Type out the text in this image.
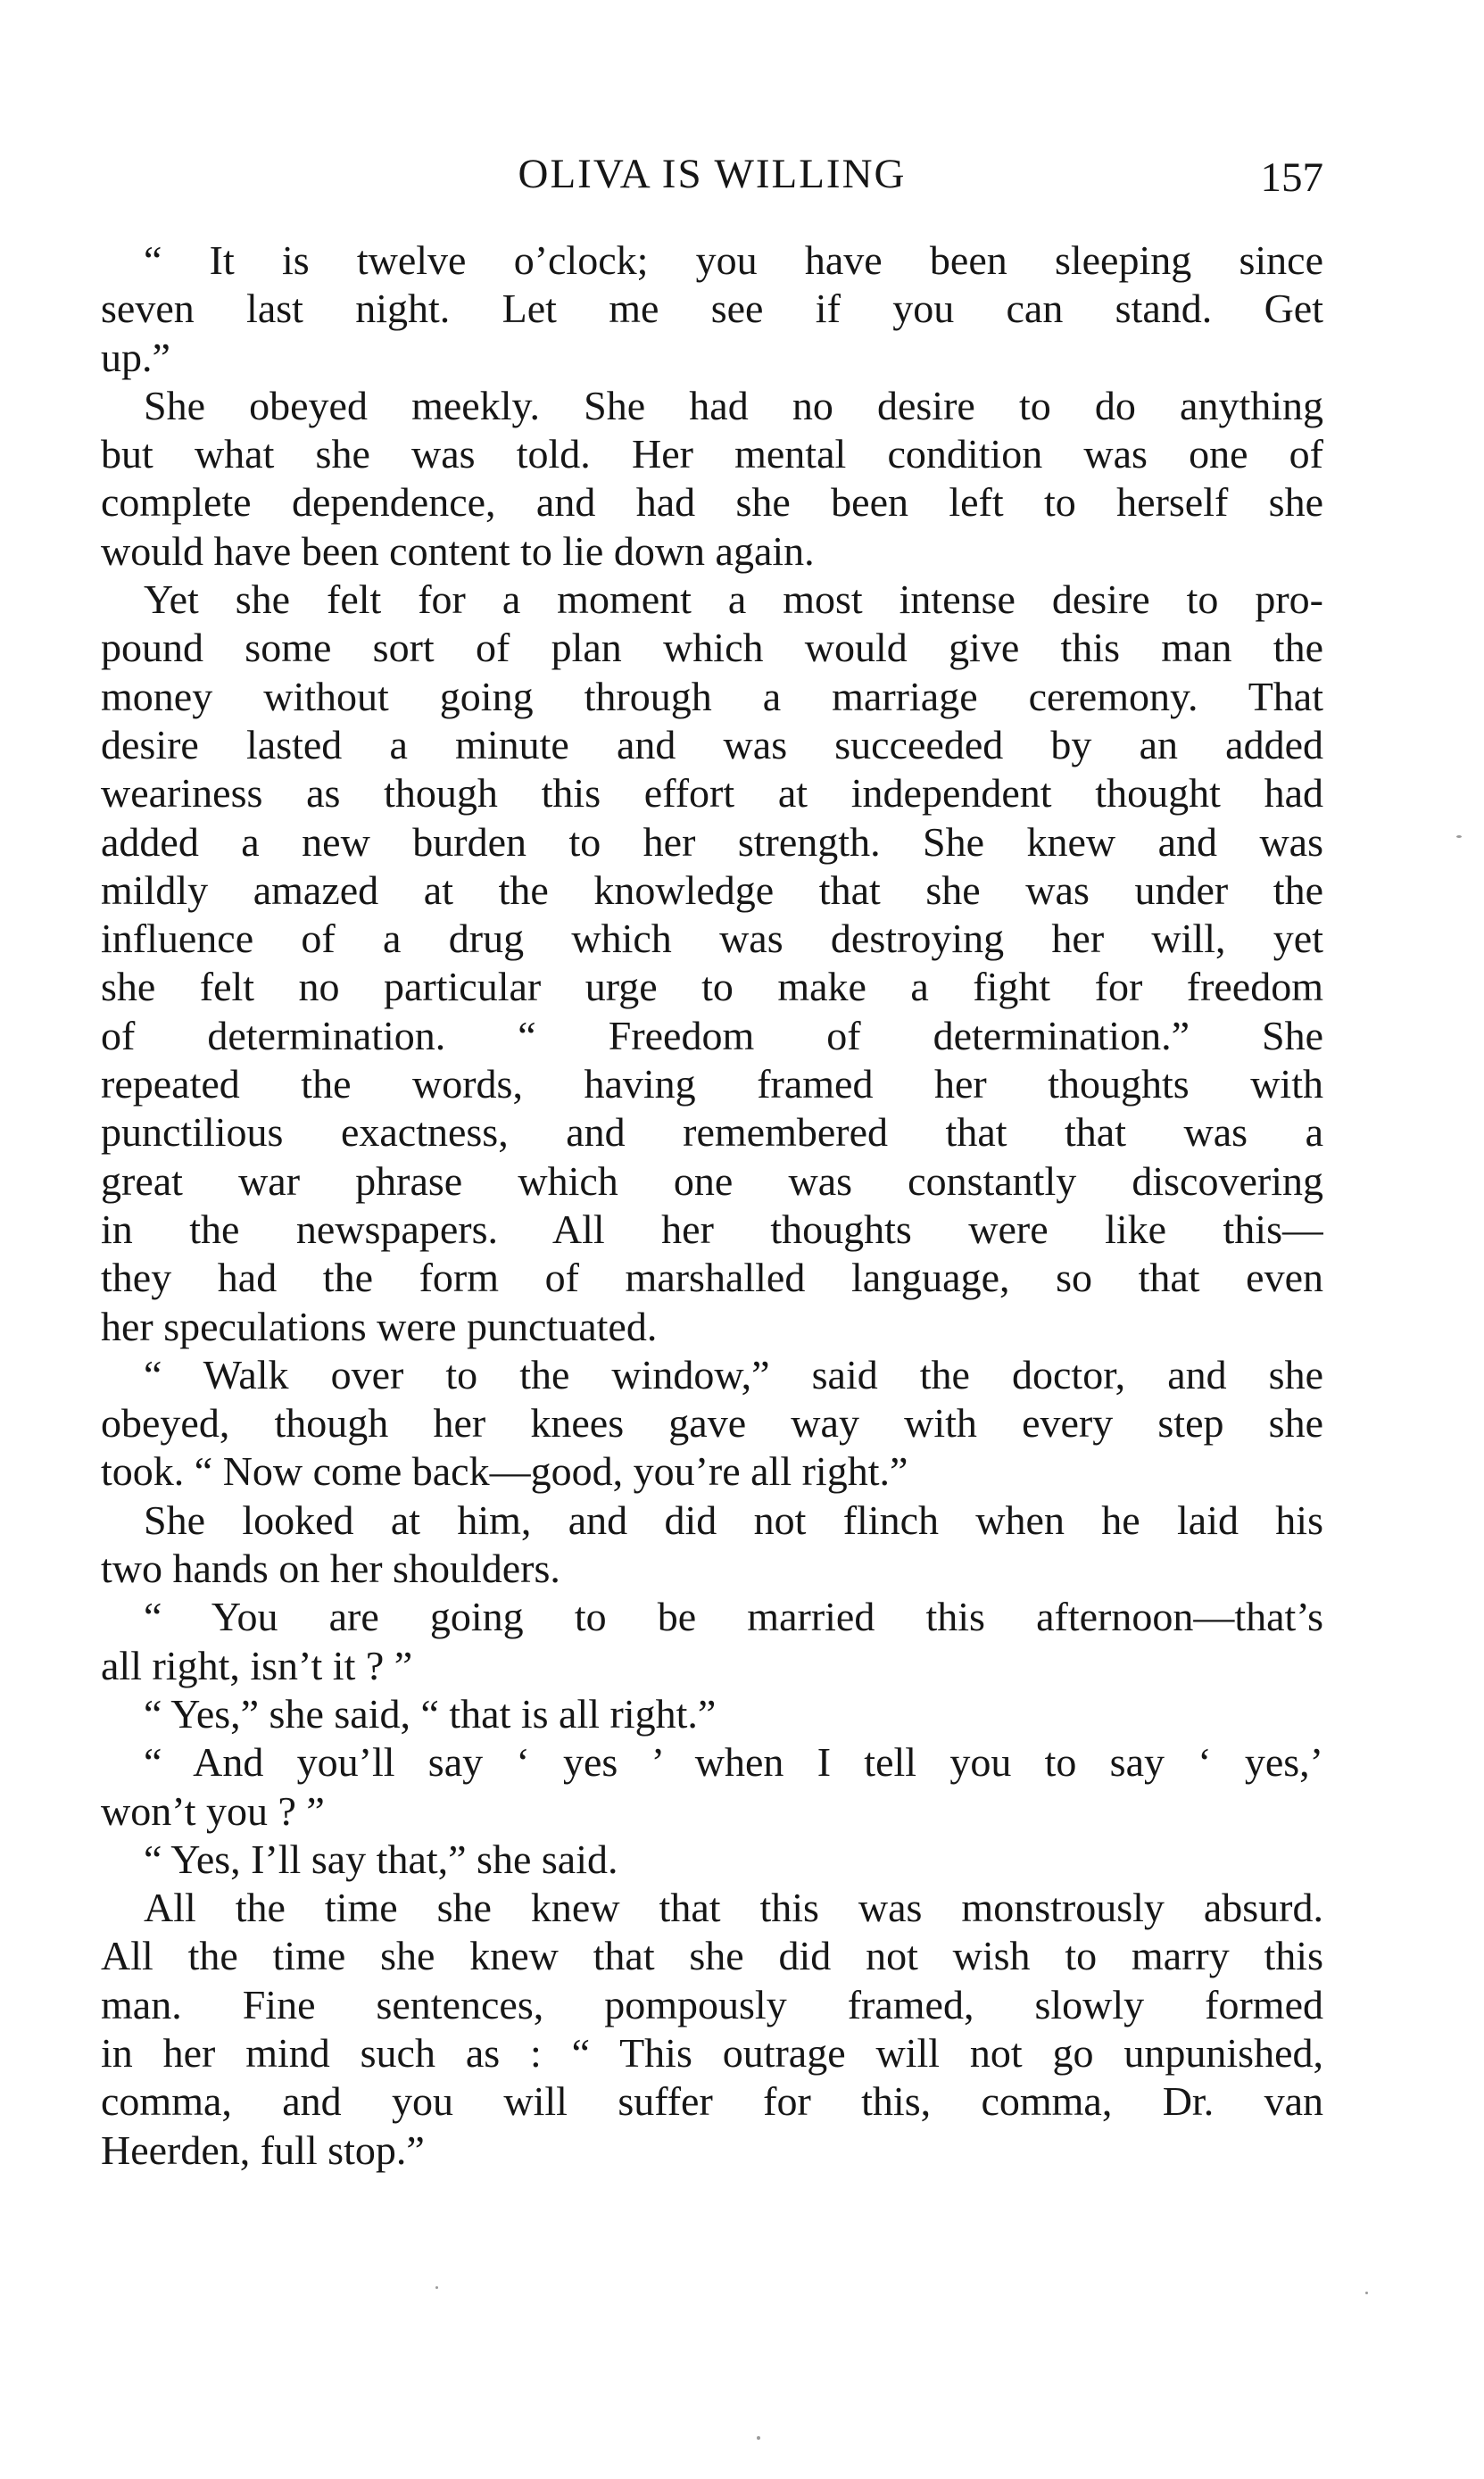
OLIVA IS WILLING	157
“ It is twelve o’clock; you have been sleeping since
seven last night. Let me see if you can stand. Get
up.”
She obeyed meekly. She had no desire to do anything
but what she was told. Her mental condition was one of
complete dependence, and had she been left to herself she
would have been content to lie down again.
Yet she felt for a moment a most intense desire to pro-
pound some sort of plan which would give this man the
money without going through a marriage ceremony. That
desire lasted a minute and was succeeded by an added
weariness as though this effort at independent thought had
added a new burden to her strength. She knew and was
mildly amazed at the knowledge that she was under the
influence of a drug which was destroying her will, yet
she felt no particular urge to make a fight for freedom
of determination. “ Freedom of determination.” She
repeated the words, having framed her thoughts with
punctilious exactness, and remembered that that was a
great war phrase which one was constantly discovering
in the newspapers. All her thoughts were like this—
they had the form of marshalled language, so that even
her speculations were punctuated.
“ Walk over to the window,” said the doctor, and she
obeyed, though her knees gave way with every step she
took. “ Now come back—good, you’re all right.”
She looked at him, and did not flinch when he laid his
two hands on her shoulders.
“ You are going to be married this afternoon—that’s
all right, isn’t it ? ”
“ Yes,” she said, “ that is all right.”
“ And you’ll say ‘ yes ’ when I tell you to say ‘ yes,’
won’t you ? ”
“ Yes, I’ll say that,” she said.
All the time she knew that this was monstrously absurd.
All the time she knew that she did not wish to marry this
man. Fine sentences, pompously framed, slowly formed
in her mind such as : “ This outrage will not go unpunished,
comma, and you will suffer for this, comma, Dr. van
Heerden, full stop.”
